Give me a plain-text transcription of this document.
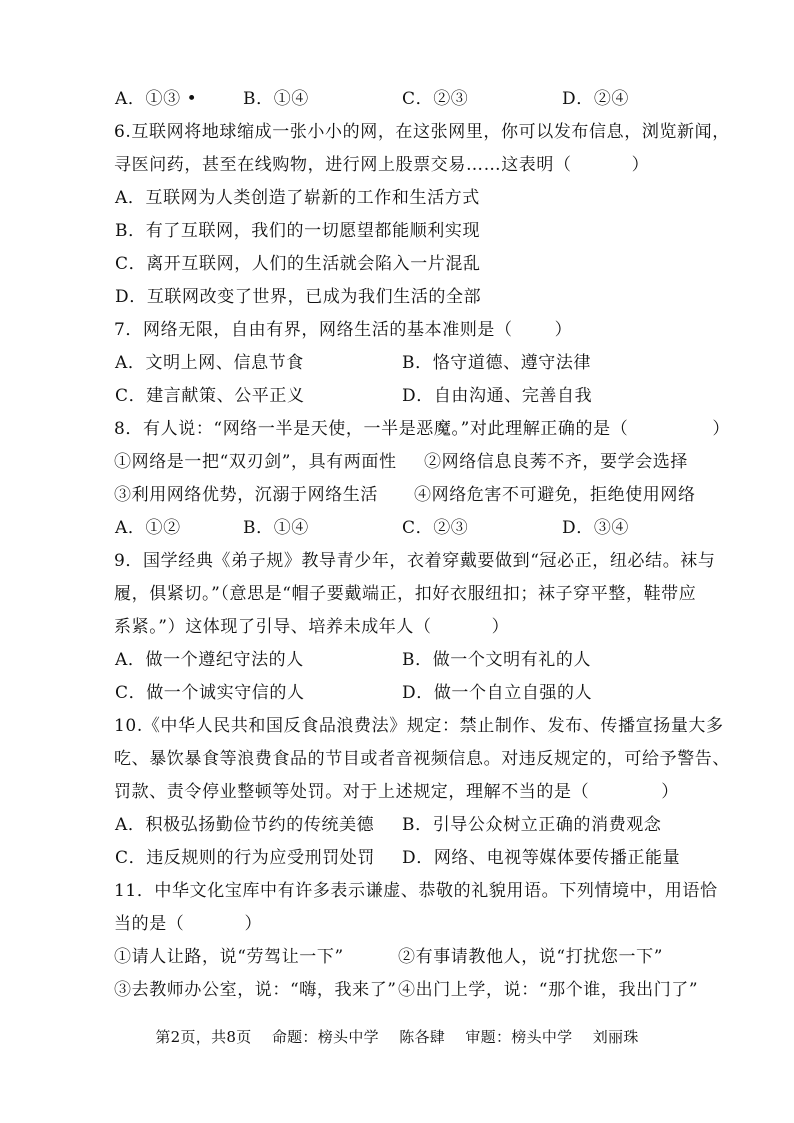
A．①③ •	B．①④	C．②③	D．②④
6.互联网将地球缩成一张小小的网，在这张网里，你可以发布信息，浏览新闻，
寻医问药，甚至在线购物，进行网上股票交易……这表明（          ）
A．互联网为人类创造了崭新的工作和生活方式
B．有了互联网，我们的一切愿望都能顺利实现
C．离开互联网，人们的生活就会陷入一片混乱
D．互联网改变了世界，已成为我们生活的全部
7．网络无限，自由有界，网络生活的基本准则是（       ）
A．文明上网、信息节食	B．恪守道德、遵守法律
C．建言献策、公平正义	D．自由沟通、完善自我
8．有人说：“网络一半是天使，一半是恶魔。”对此理解正确的是（              ）
①网络是一把“双刃剑”，具有两面性 ②网络信息良莠不齐，要学会选择
③利用网络优势，沉溺于网络生活 ④网络危害不可避免，拒绝使用网络
A．①②	B．①④	C．②③	D．③④
9．国学经典《弟子规》教导青少年，衣着穿戴要做到“冠必正，纽必结。袜与
履，俱紧切。”（意思是“帽子要戴端正，扣好衣服纽扣；袜子穿平整，鞋带应
系紧。”）这体现了引导、培养未成年人（          ）
A．做一个遵纪守法的人	B．做一个文明有礼的人
C．做一个诚实守信的人	D．做一个自立自强的人
10.《中华人民共和国反食品浪费法》规定：禁止制作、发布、传播宣扬量大多
吃、暴饮暴食等浪费食品的节目或者音视频信息。对违反规定的，可给予警告、
罚款、责令停业整顿等处罚。对于上述规定，理解不当的是（            ）
A．积极弘扬勤俭节约的传统美德 B．引导公众树立正确的消费观念
C．违反规则的行为应受刑罚处罚 D．网络、电视等媒体要传播正能量
11．中华文化宝库中有许多表示谦虚、恭敬的礼貌用语。下列情境中，用语恰
当的是（          ）
①请人让路，说“劳驾让一下”	②有事请教他人，说“打扰您一下”
③去教师办公室，说：“嗨，我来了” ④出门上学，说：“那个谁，我出门了”
第2页，共8页    命题：榜头中学    陈各肆    审题：榜头中学    刘丽珠
